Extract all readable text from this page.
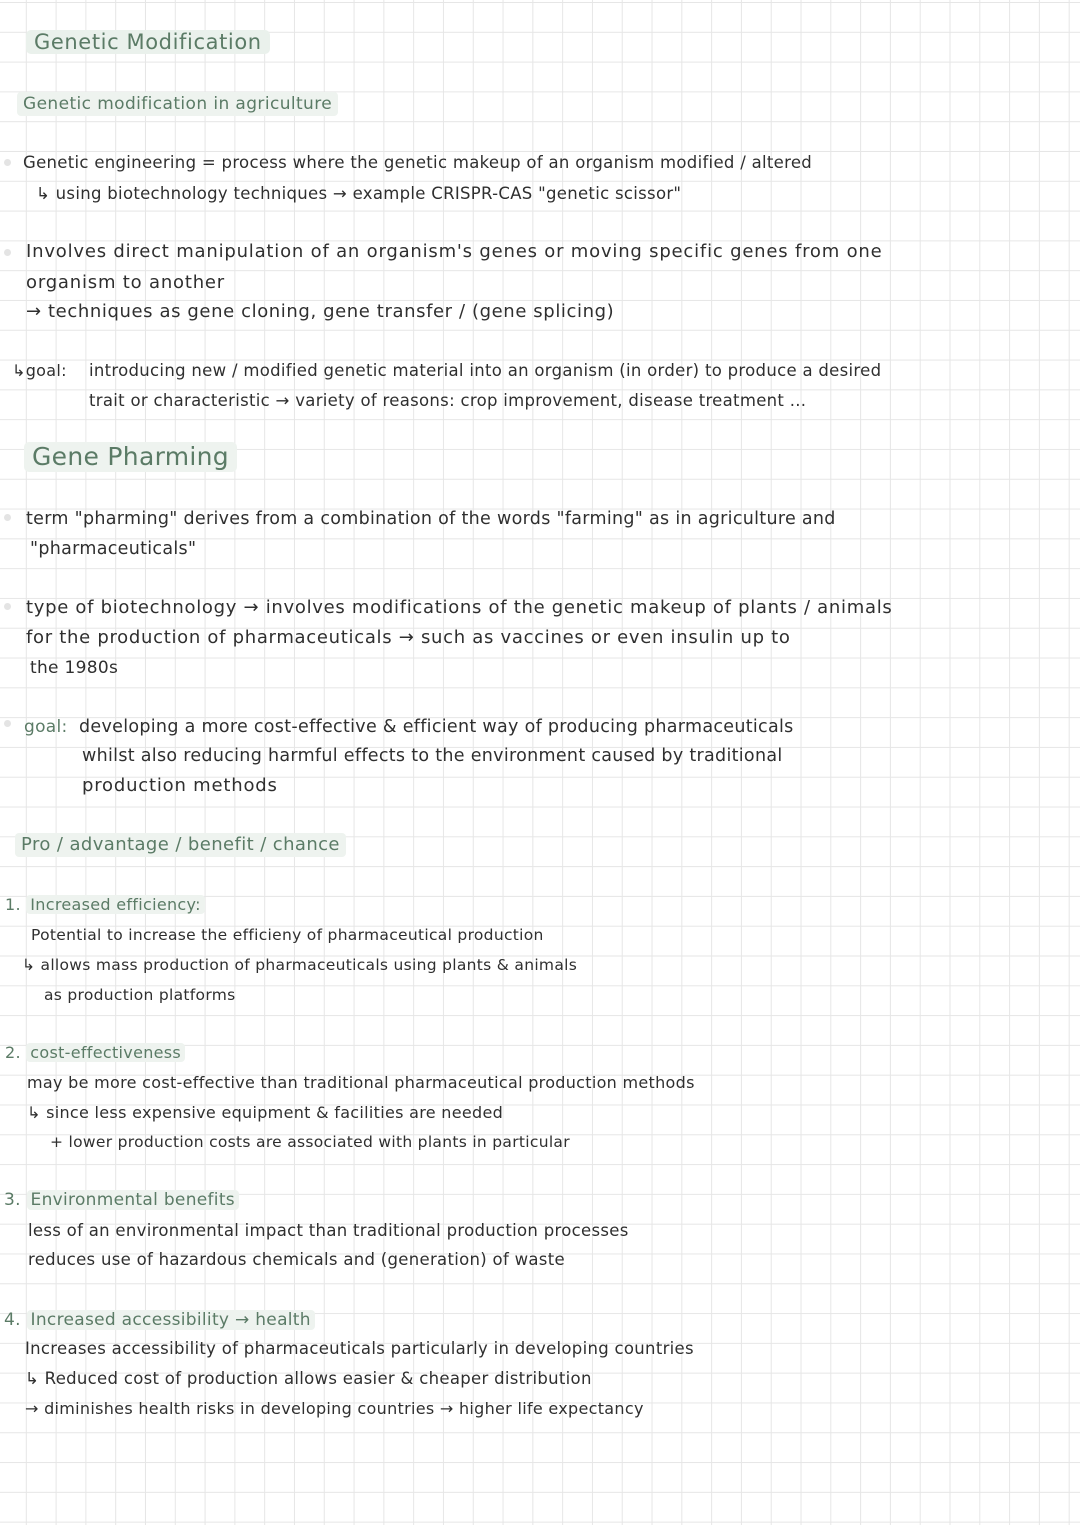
Genetic Modification
Genetic modification in agriculture
Genetic engineering = process where the genetic makeup of an organism modified / altered
↳ using biotechnology techniques → example CRISPR-CAS "genetic scissor"
Involves direct manipulation of an organism's genes or moving specific genes from one
organism to another
→ techniques as gene cloning, gene transfer / (gene splicing)
↳goal: introducing new / modified genetic material into an organism (in order) to produce a desired
trait or characteristic → variety of reasons: crop improvement, disease treatment ...
Gene Pharming
term "pharming" derives from a combination of the words "farming" as in agriculture and
"pharmaceuticals"
type of biotechnology → involves modifications of the genetic makeup of plants / animals
for the production of pharmaceuticals → such as vaccines or even insulin up to
the 1980s
goal: developing a more cost-effective & efficient way of producing pharmaceuticals
whilst also reducing harmful effects to the environment caused by traditional
production methods
Pro / advantage / benefit / chance
1. Increased efficiency:
Potential to increase the efficieny of pharmaceutical production
↳ allows mass production of pharmaceuticals using plants & animals
as production platforms
2. cost-effectiveness
may be more cost-effective than traditional pharmaceutical production methods
↳ since less expensive equipment & facilities are needed
+ lower production costs are associated with plants in particular
3. Environmental benefits
less of an environmental impact than traditional production processes
reduces use of hazardous chemicals and (generation) of waste
4. Increased accessibility → health
Increases accessibility of pharmaceuticals particularly in developing countries
↳ Reduced cost of production allows easier & cheaper distribution
→ diminishes health risks in developing countries → higher life expectancy
